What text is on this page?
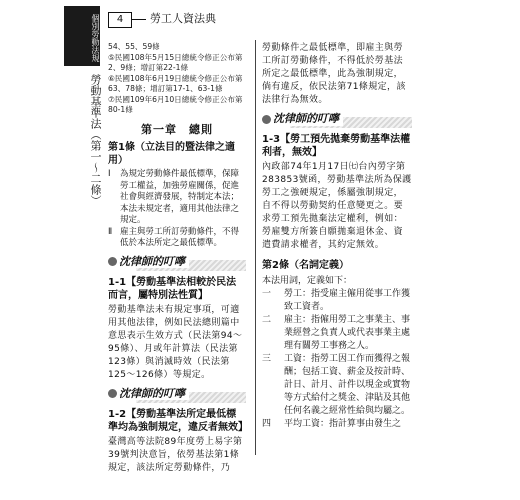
個別勞動法規
勞動基準法（第一～二條）
4	勞工人資法典
54、55、59條
⑤民國108年5月15日總統令修正公布第2、9條；增訂第22-1條
⑥民國108年6月19日總統令修正公布第63、78條；增訂第17-1、63-1條
⑦民國109年6月10日總統令修正公布第80-1條
第一章　總則
第1條（立法目的暨法律之適用）
Ⅰ	為規定勞動條件最低標準，保障勞工權益，加強勞雇關係，促進社會與經濟發展，特制定本法；本法未規定者，適用其他法律之規定。
Ⅱ 雇主與勞工所訂勞動條件，不得低於本法所定之最低標準。
沈律師的叮嚀
1-1【勞動基準法相較於民法而言，屬特別法性質】
勞動基準法未有規定事項，可適用其他法律，例如民法總則篇中意思表示生效方式（民法第94～95條）、月或年計算法（民法第123條）與消滅時效（民法第125～126條）等規定。
沈律師的叮嚀
1-2【勞動基準法所定最低標準均為強制規定，違反者無效】
臺灣高等法院89年度勞上易字第39號判決意旨，依勞基法第1條規定，該法所定勞動條件，乃
勞動條件之最低標準，即雇主與勞工所訂勞動條件，不得低於勞基法所定之最低標準，此為強制規定，倘有違反，依民法第71條規定，該法律行為無效。
沈律師的叮嚀
1-3【勞工預先拋棄勞動基準法權利者，無效】
內政部74年1月17日㈦台內勞字第283853號函，勞動基準法所為保護勞工之強硬規定，係屬強制規定，自不得以勞動契約任意變更之。要求勞工預先拋棄法定權利，例如：勞雇雙方所簽自願拋棄退休金、資遣費請求權者，其約定無效。
第2條（名詞定義）
本法用詞，定義如下：
一	勞工：指受雇主僱用從事工作獲致工資者。
二	雇主：指僱用勞工之事業主、事業經營之負責人或代表事業主處理有關勞工事務之人。
三	工資：指勞工因工作而獲得之報酬；包括工資、薪金及按計時、計日、計月、計件以現金或實物等方式給付之獎金、津貼及其他任何名義之經常性給與均屬之。
四	平均工資：指計算事由發生之
